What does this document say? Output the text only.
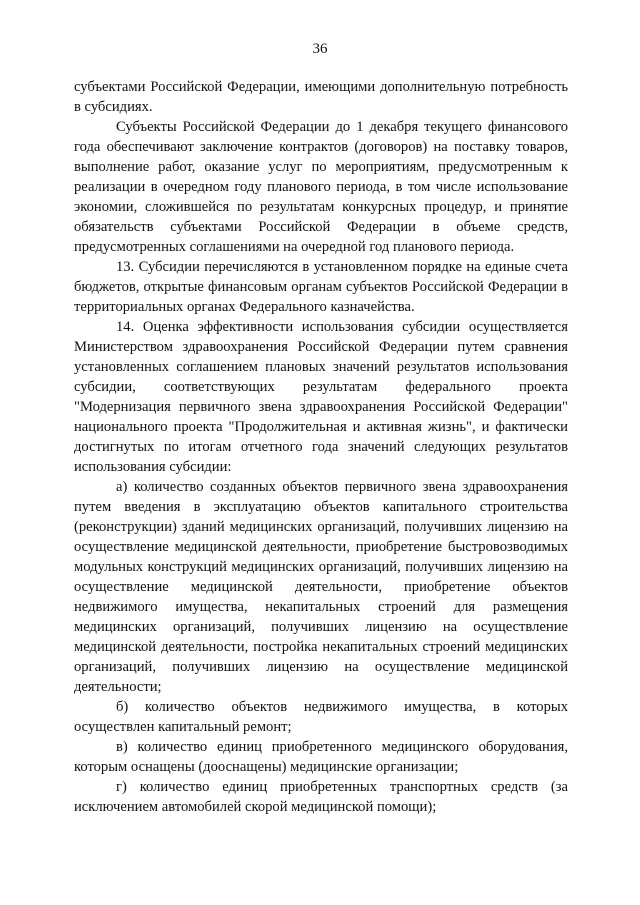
36

субъектами Российской Федерации, имеющими дополнительную потребность в субсидиях.

Субъекты Российской Федерации до 1 декабря текущего финансового года обеспечивают заключение контрактов (договоров) на поставку товаров, выполнение работ, оказание услуг по мероприятиям, предусмотренным к реализации в очередном году планового периода, в том числе использование экономии, сложившейся по результатам конкурсных процедур, и принятие обязательств субъектами Российской Федерации в объеме средств, предусмотренных соглашениями на очередной год планового периода.

13. Субсидии перечисляются в установленном порядке на единые счета бюджетов, открытые финансовым органам субъектов Российской Федерации в территориальных органах Федерального казначейства.

14. Оценка эффективности использования субсидии осуществляется Министерством здравоохранения Российской Федерации путем сравнения установленных соглашением плановых значений результатов использования субсидии, соответствующих результатам федерального проекта "Модернизация первичного звена здравоохранения Российской Федерации" национального проекта "Продолжительная и активная жизнь", и фактически достигнутых по итогам отчетного года значений следующих результатов использования субсидии:

а) количество созданных объектов первичного звена здравоохранения путем введения в эксплуатацию объектов капитального строительства (реконструкции) зданий медицинских организаций, получивших лицензию на осуществление медицинской деятельности, приобретение быстровозводимых модульных конструкций медицинских организаций, получивших лицензию на осуществление медицинской деятельности, приобретение объектов недвижимого имущества, некапитальных строений для размещения медицинских организаций, получивших лицензию на осуществление медицинской деятельности, постройка некапитальных строений медицинских организаций, получивших лицензию на осуществление медицинской деятельности;

б) количество объектов недвижимого имущества, в которых осуществлен капитальный ремонт;

в) количество единиц приобретенного медицинского оборудования, которым оснащены (дооснащены) медицинские организации;

г) количество единиц приобретенных транспортных средств (за исключением автомобилей скорой медицинской помощи);
